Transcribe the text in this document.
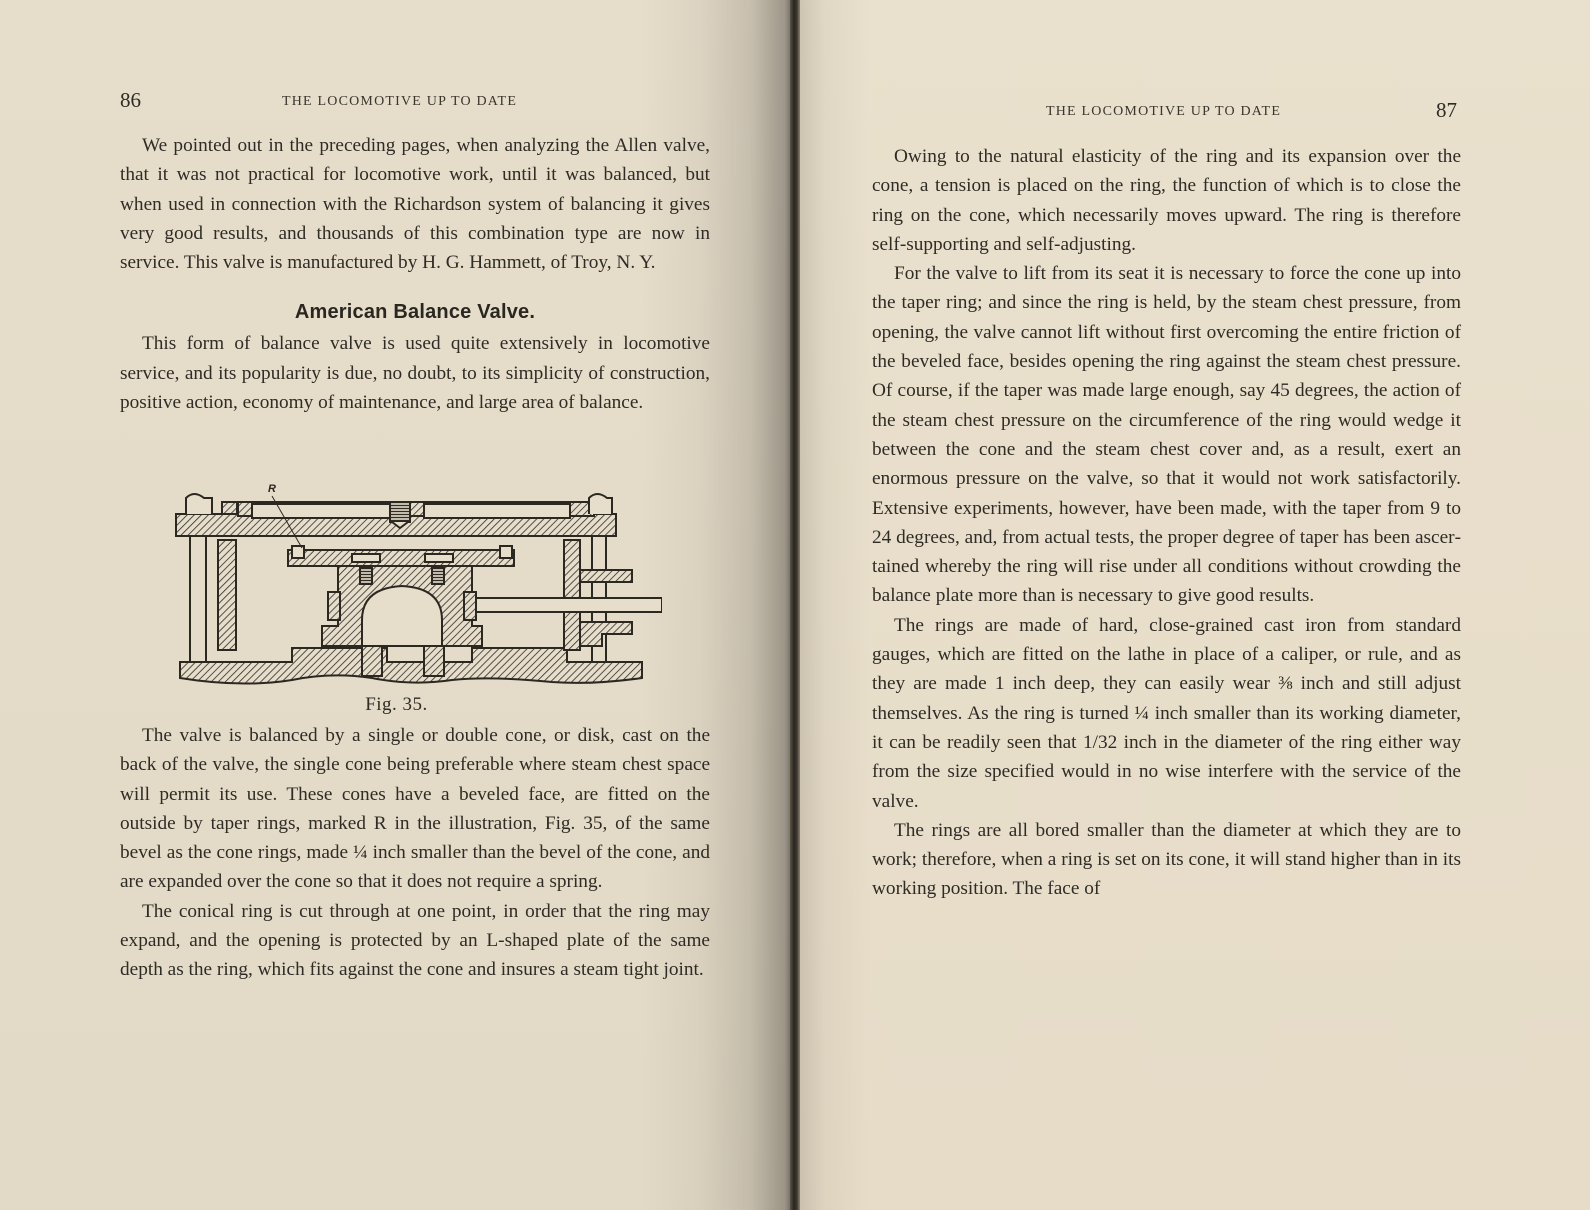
86	THE LOCOMOTIVE UP TO DATE

We pointed out in the preceding pages, when analyzing the Allen valve, that it was not practical for locomotive work, until it was balanced, but when used in connection with the Richardson system of balancing it gives very good results, and thousands of this combination type are now in service. This valve is manufactured by H. G. Hammett, of Troy, N. Y.

American Balance Valve.

This form of balance valve is used quite extensively in locomotive service, and its popularity is due, no doubt, to its simplicity of construction, positive action, economy of maintenance, and large area of balance.

R
Fig. 35.

The valve is balanced by a single or double cone, or disk, cast on the back of the valve, the single cone being preferable where steam chest space will permit its use. These cones have a beveled face, are fitted on the outside by taper rings, marked R in the illustration, Fig. 35, of the same bevel as the cone rings, made ¼ inch smaller than the bevel of the cone, and are expanded over the cone so that it does not require a spring.

The conical ring is cut through at one point, in order that the ring may expand, and the opening is protected by an L-shaped plate of the same depth as the ring, which fits against the cone and insures a steam tight joint.

THE LOCOMOTIVE UP TO DATE	87

Owing to the natural elasticity of the ring and its expansion over the cone, a tension is placed on the ring, the function of which is to close the ring on the cone, which necessarily moves upward. The ring is therefore self-supporting and self-adjusting.

For the valve to lift from its seat it is necessary to force the cone up into the taper ring; and since the ring is held, by the steam chest pressure, from opening, the valve cannot lift without first overcoming the entire friction of the beveled face, besides opening the ring against the steam chest pressure. Of course, if the taper was made large enough, say 45 degrees, the action of the steam chest pressure on the circumference of the ring would wedge it between the cone and the steam chest cover and, as a result, exert an enormous pressure on the valve, so that it would not work satisfactorily. Extensive experiments, however, have been made, with the taper from 9 to 24 degrees, and, from actual tests, the proper degree of taper has been ascertained whereby the ring will rise under all conditions without crowding the balance plate more than is necessary to give good results.

The rings are made of hard, close-grained cast iron from standard gauges, which are fitted on the lathe in place of a caliper, or rule, and as they are made 1 inch deep, they can easily wear ⅜ inch and still adjust themselves. As the ring is turned ¼ inch smaller than its working diameter, it can be readily seen that 1/32 inch in the diameter of the ring either way from the size specified would in no wise interfere with the service of the valve.

The rings are all bored smaller than the diameter at which they are to work; therefore, when a ring is set on its cone, it will stand higher than in its working position. The face of
